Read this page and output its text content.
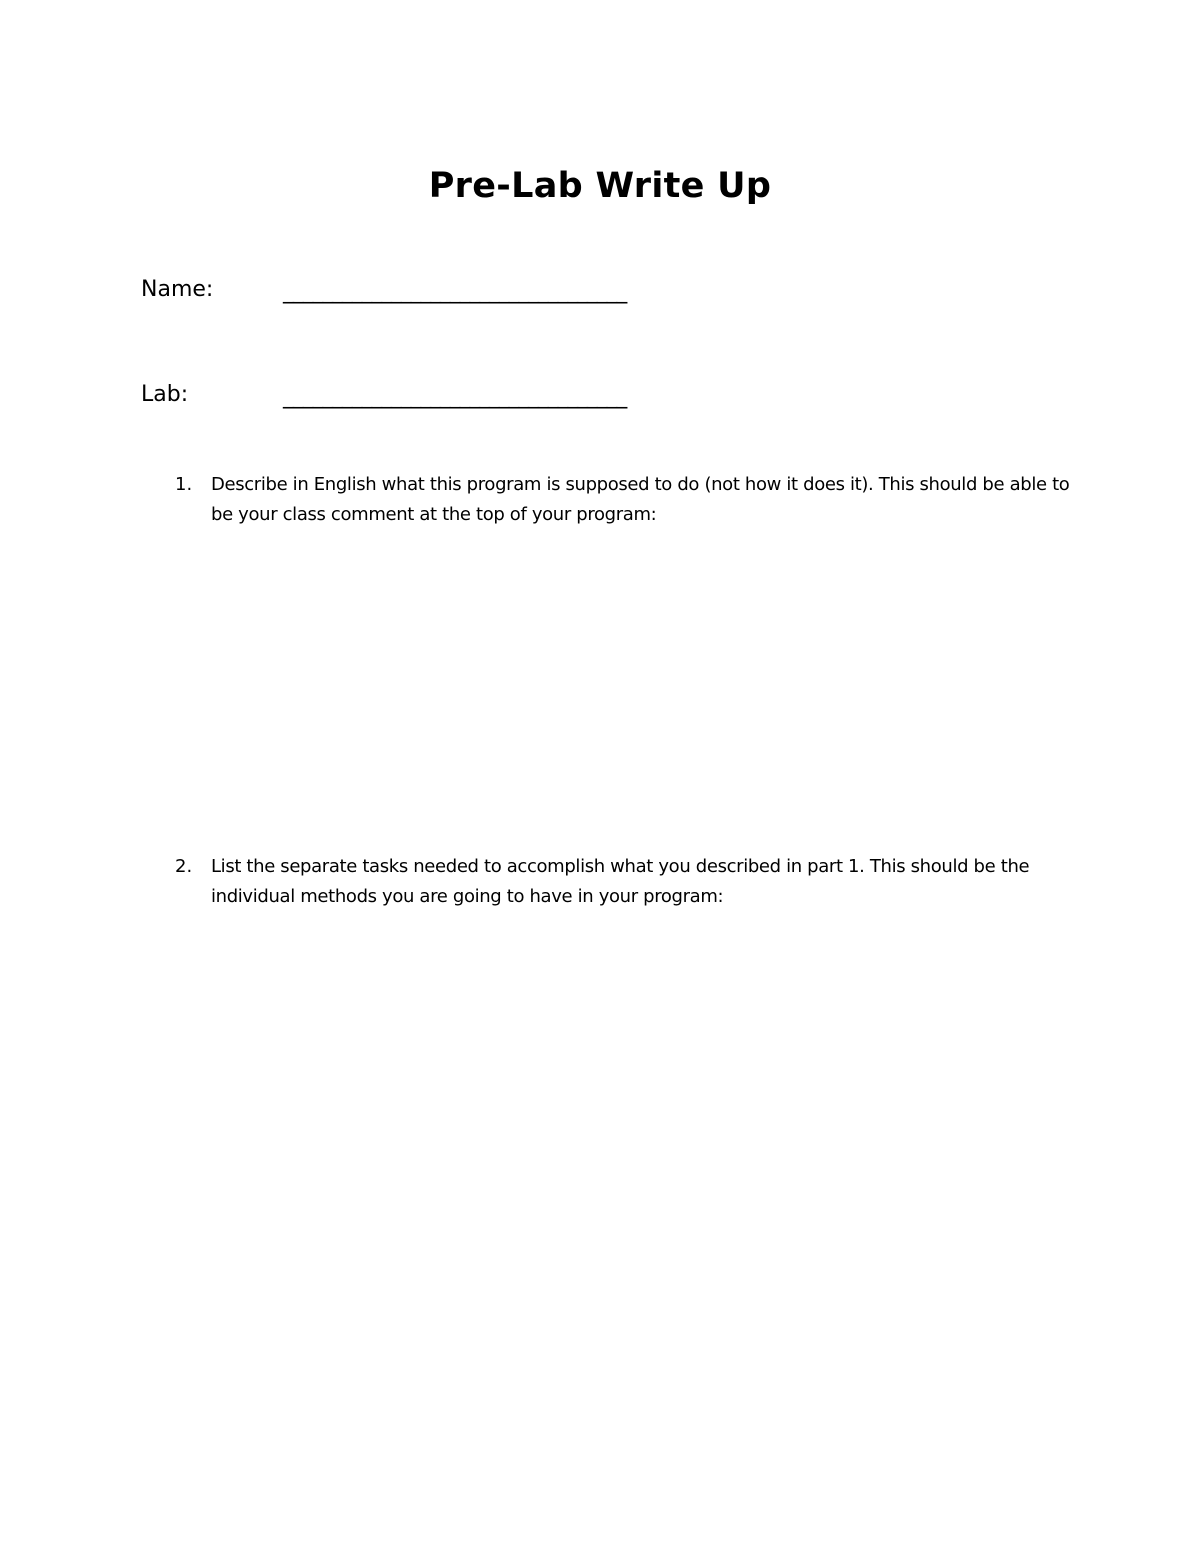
Pre-Lab Write Up
Name:	___________________________________
Lab:	___________________________________
1.	Describe in English what this program is supposed to do (not how it does it). This should be able to be your class comment at the top of your program:
2.	List the separate tasks needed to accomplish what you described in part 1. This should be the individual methods you are going to have in your program:
